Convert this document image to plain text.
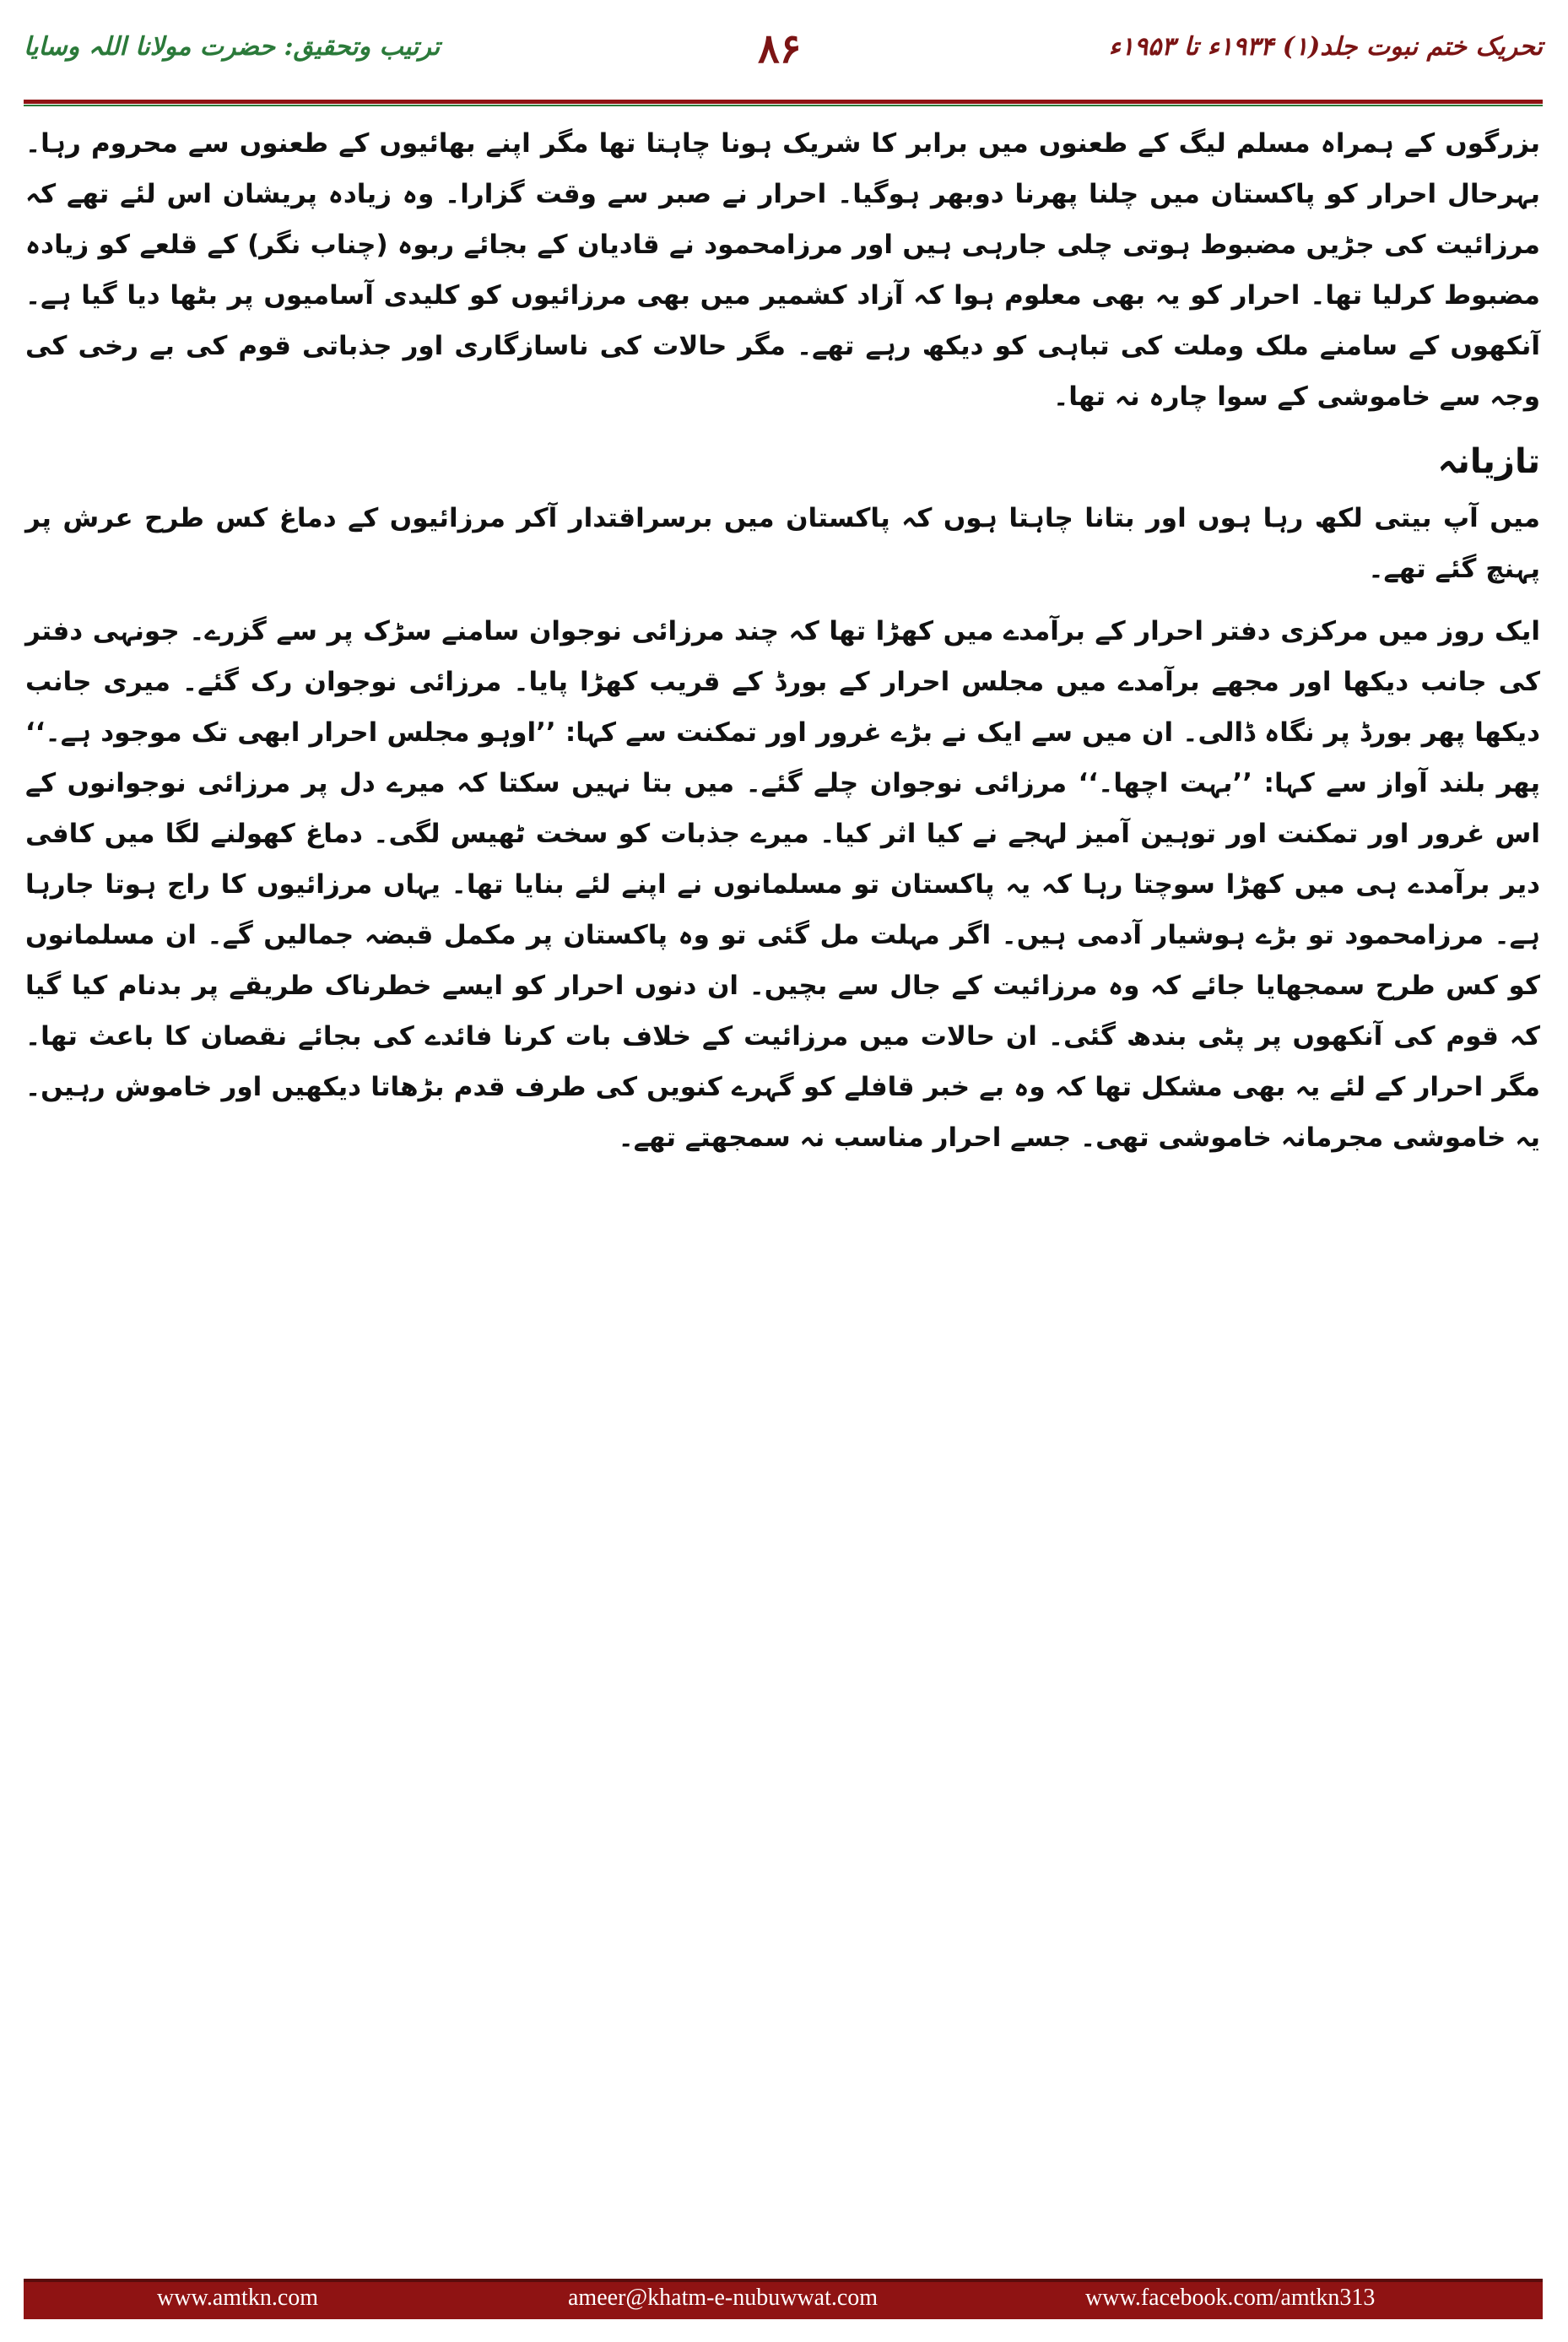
تحریک ختم نبوت جلد(۱) ۱۹۳۴ء تا ۱۹۵۳ء
۸۶
ترتیب وتحقیق: حضرت مولانا اللہ وسایا

بزرگوں کے ہمراہ مسلم لیگ کے طعنوں میں برابر کا شریک ہونا چاہتا تھا مگر اپنے بھائیوں کے طعنوں سے محروم رہا۔ بہرحال احرار کو پاکستان میں چلنا پھرنا دوبھر ہوگیا۔ احرار نے صبر سے وقت گزارا۔ وہ زیادہ پریشان اس لئے تھے کہ مرزائیت کی جڑیں مضبوط ہوتی چلی جارہی ہیں اور مرزامحمود نے قادیان کے بجائے ربوہ (چناب نگر) کے قلعے کو زیادہ مضبوط کرلیا تھا۔ احرار کو یہ بھی معلوم ہوا کہ آزاد کشمیر میں بھی مرزائیوں کو کلیدی آسامیوں پر بٹھا دیا گیا ہے۔ آنکھوں کے سامنے ملک وملت کی تباہی کو دیکھ رہے تھے۔ مگر حالات کی ناسازگاری اور جذباتی قوم کی بے رخی کی وجہ سے خاموشی کے سوا چارہ نہ تھا۔

تازیانہ

میں آپ بیتی لکھ رہا ہوں اور بتانا چاہتا ہوں کہ پاکستان میں برسراقتدار آکر مرزائیوں کے دماغ کس طرح عرش پر پہنچ گئے تھے۔

ایک روز میں مرکزی دفتر احرار کے برآمدے میں کھڑا تھا کہ چند مرزائی نوجوان سامنے سڑک پر سے گزرے۔ جونہی دفتر کی جانب دیکھا اور مجھے برآمدے میں مجلس احرار کے بورڈ کے قریب کھڑا پایا۔ مرزائی نوجوان رک گئے۔ میری جانب دیکھا پھر بورڈ پر نگاہ ڈالی۔ ان میں سے ایک نے بڑے غرور اور تمکنت سے کہا: ’’اوہو مجلس احرار ابھی تک موجود ہے۔‘‘ پھر بلند آواز سے کہا: ’’بہت اچھا۔‘‘ مرزائی نوجوان چلے گئے۔ میں بتا نہیں سکتا کہ میرے دل پر مرزائی نوجوانوں کے اس غرور اور تمکنت اور توہین آمیز لہجے نے کیا اثر کیا۔ میرے جذبات کو سخت ٹھیس لگی۔ دماغ کھولنے لگا میں کافی دیر برآمدے ہی میں کھڑا سوچتا رہا کہ یہ پاکستان تو مسلمانوں نے اپنے لئے بنایا تھا۔ یہاں مرزائیوں کا راج ہوتا جارہا ہے۔ مرزامحمود تو بڑے ہوشیار آدمی ہیں۔ اگر مہلت مل گئی تو وہ پاکستان پر مکمل قبضہ جمالیں گے۔ ان مسلمانوں کو کس طرح سمجھایا جائے کہ وہ مرزائیت کے جال سے بچیں۔ ان دنوں احرار کو ایسے خطرناک طریقے پر بدنام کیا گیا کہ قوم کی آنکھوں پر پٹی بندھ گئی۔ ان حالات میں مرزائیت کے خلاف بات کرنا فائدے کی بجائے نقصان کا باعث تھا۔ مگر احرار کے لئے یہ بھی مشکل تھا کہ وہ بے خبر قافلے کو گہرے کنویں کی طرف قدم بڑھاتا دیکھیں اور خاموش رہیں۔ یہ خاموشی مجرمانہ خاموشی تھی۔ جسے احرار مناسب نہ سمجھتے تھے۔

www.amtkn.com	ameer@khatm-e-nubuwwat.com	www.facebook.com/amtkn313
